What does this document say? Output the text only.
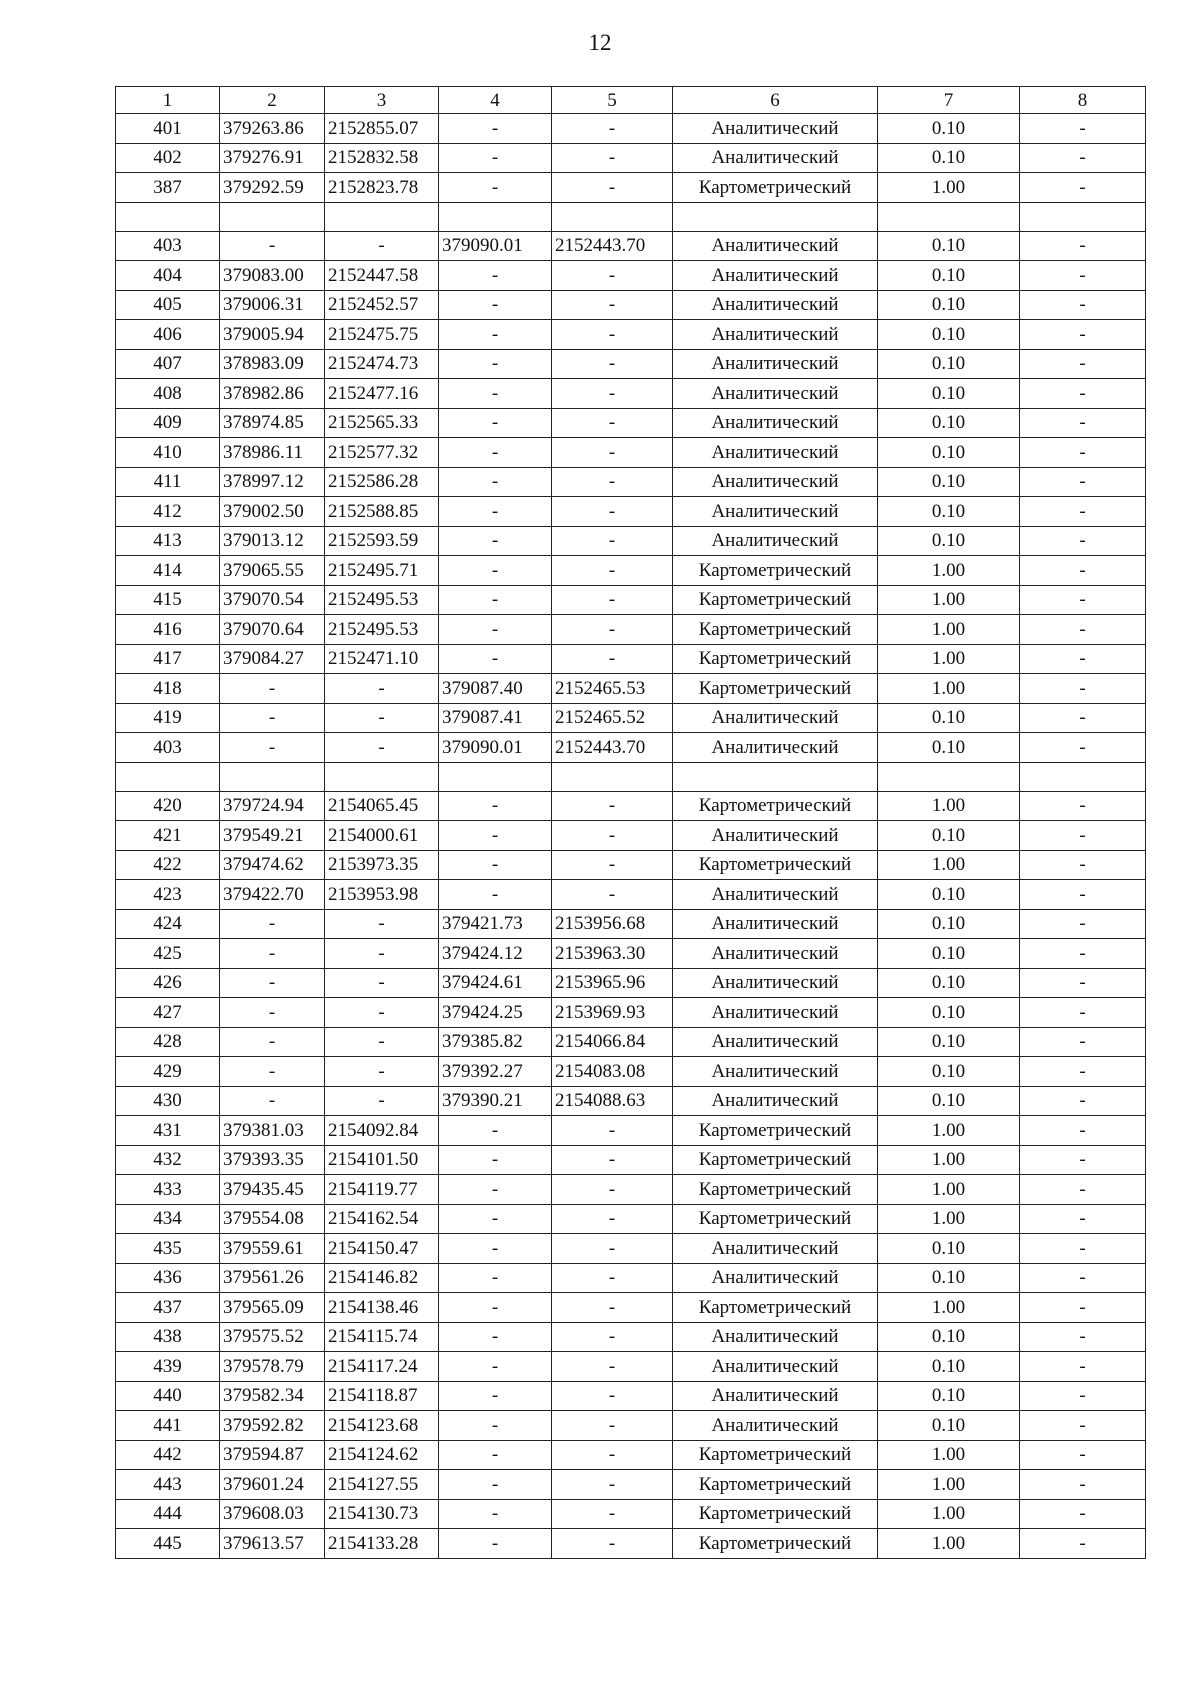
12
1	2	3	4	5	6	7	8
401	379263.86	2152855.07	-	-	Аналитический	0.10	-
402	379276.91	2152832.58	-	-	Аналитический	0.10	-
387	379292.59	2152823.78	-	-	Картометрический	1.00	-

403	-	-	379090.01	2152443.70	Аналитический	0.10	-
404	379083.00	2152447.58	-	-	Аналитический	0.10	-
405	379006.31	2152452.57	-	-	Аналитический	0.10	-
406	379005.94	2152475.75	-	-	Аналитический	0.10	-
407	378983.09	2152474.73	-	-	Аналитический	0.10	-
408	378982.86	2152477.16	-	-	Аналитический	0.10	-
409	378974.85	2152565.33	-	-	Аналитический	0.10	-
410	378986.11	2152577.32	-	-	Аналитический	0.10	-
411	378997.12	2152586.28	-	-	Аналитический	0.10	-
412	379002.50	2152588.85	-	-	Аналитический	0.10	-
413	379013.12	2152593.59	-	-	Аналитический	0.10	-
414	379065.55	2152495.71	-	-	Картометрический	1.00	-
415	379070.54	2152495.53	-	-	Картометрический	1.00	-
416	379070.64	2152495.53	-	-	Картометрический	1.00	-
417	379084.27	2152471.10	-	-	Картометрический	1.00	-
418	-	-	379087.40	2152465.53	Картометрический	1.00	-
419	-	-	379087.41	2152465.52	Аналитический	0.10	-
403	-	-	379090.01	2152443.70	Аналитический	0.10	-

420	379724.94	2154065.45	-	-	Картометрический	1.00	-
421	379549.21	2154000.61	-	-	Аналитический	0.10	-
422	379474.62	2153973.35	-	-	Картометрический	1.00	-
423	379422.70	2153953.98	-	-	Аналитический	0.10	-
424	-	-	379421.73	2153956.68	Аналитический	0.10	-
425	-	-	379424.12	2153963.30	Аналитический	0.10	-
426	-	-	379424.61	2153965.96	Аналитический	0.10	-
427	-	-	379424.25	2153969.93	Аналитический	0.10	-
428	-	-	379385.82	2154066.84	Аналитический	0.10	-
429	-	-	379392.27	2154083.08	Аналитический	0.10	-
430	-	-	379390.21	2154088.63	Аналитический	0.10	-
431	379381.03	2154092.84	-	-	Картометрический	1.00	-
432	379393.35	2154101.50	-	-	Картометрический	1.00	-
433	379435.45	2154119.77	-	-	Картометрический	1.00	-
434	379554.08	2154162.54	-	-	Картометрический	1.00	-
435	379559.61	2154150.47	-	-	Аналитический	0.10	-
436	379561.26	2154146.82	-	-	Аналитический	0.10	-
437	379565.09	2154138.46	-	-	Картометрический	1.00	-
438	379575.52	2154115.74	-	-	Аналитический	0.10	-
439	379578.79	2154117.24	-	-	Аналитический	0.10	-
440	379582.34	2154118.87	-	-	Аналитический	0.10	-
441	379592.82	2154123.68	-	-	Аналитический	0.10	-
442	379594.87	2154124.62	-	-	Картометрический	1.00	-
443	379601.24	2154127.55	-	-	Картометрический	1.00	-
444	379608.03	2154130.73	-	-	Картометрический	1.00	-
445	379613.57	2154133.28	-	-	Картометрический	1.00	-
